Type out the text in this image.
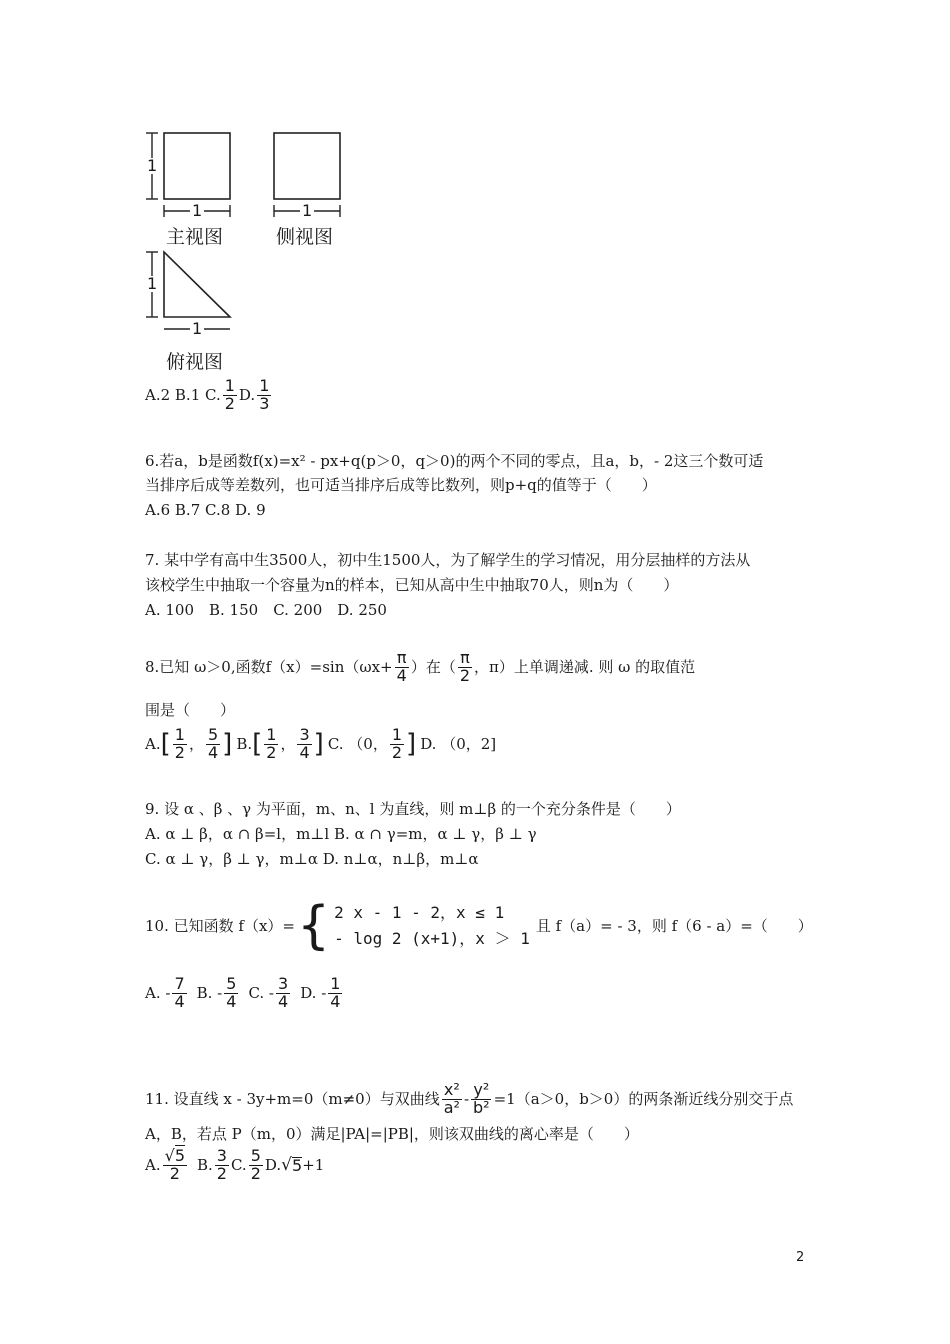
1
1	1
1
1
主视图	侧视图
俯视图
A.2 B.1 C. $\frac{1}{2} D$. $\frac{1}{3}$
6.若a，b是函数f(x)=x² - px+q(p＞0，q＞0)的两个不同的零点，且a，b，- 2这三个数可适
当排序后成等差数列，也可适当排序后成等比数列，则p+q的值等于（　　）
A.6 B.7 C.8 D. 9
7. 某中学有高中生3500人，初中生1500人，为了解学生的学习情况，用分层抽样的方法从
该校学生中抽取一个容量为n的样本，已知从高中生中抽取70人，则n为（　　）
A. 100　B. 150　C. 200　D. 250
8.已知 ω＞0,函数$f(x)=\sin(\omega x+ \frac{\pi}{4}$ ）在（ $\frac{\pi}{2}$ ，π）上单调递减. 则 ω 的取值范
围是（　　）
A. [ $\frac{1}{2}$ ， $\frac{5}{4}$ ] B. [ $\frac{1}{2}$ ， $\frac{3}{4}$ ] C. （0， $\frac{1}{2}$ ] D. （0，2]
9. 设 α 、β 、γ 为平面，m、n、l 为直线，则 m⊥β 的一个充分条件是（　　）
A. α ⊥ β，α ∩ β=l，m⊥l B. α ∩ γ=m，α ⊥ γ，β ⊥ γ
C. α ⊥ γ，β ⊥ γ，m⊥α D. n⊥α，n⊥β，m⊥α
10. 已知函数 f（x）= { 2 x - 1 - 2，x ≤ 1
- log 2 (x+1)，x ＞ 1
且 f（a）= - 3，则 f（6 - a）=（　　）
A. - $\frac{7}{4} B$. - $\frac{5}{4} C$. - $\frac{3}{4} D$. - $\frac{1}{4}$
11. 设直线 x - 3y+m=0（m≠0）与双曲线 $\frac{\text{x²}}{\text{a²}} - \frac{\text{y²}}{\text{b²}} =1(a>0$，b＞0）的两条渐近线分别交于点
A，B，若点 P（m，0）满足|PA|=|PB|，则该双曲线的离心率是（　　）
A. $\frac{√5}{2} B$. $\frac{3}{2} C$. $\frac{5}{2} D$. √ 5 +1
2
